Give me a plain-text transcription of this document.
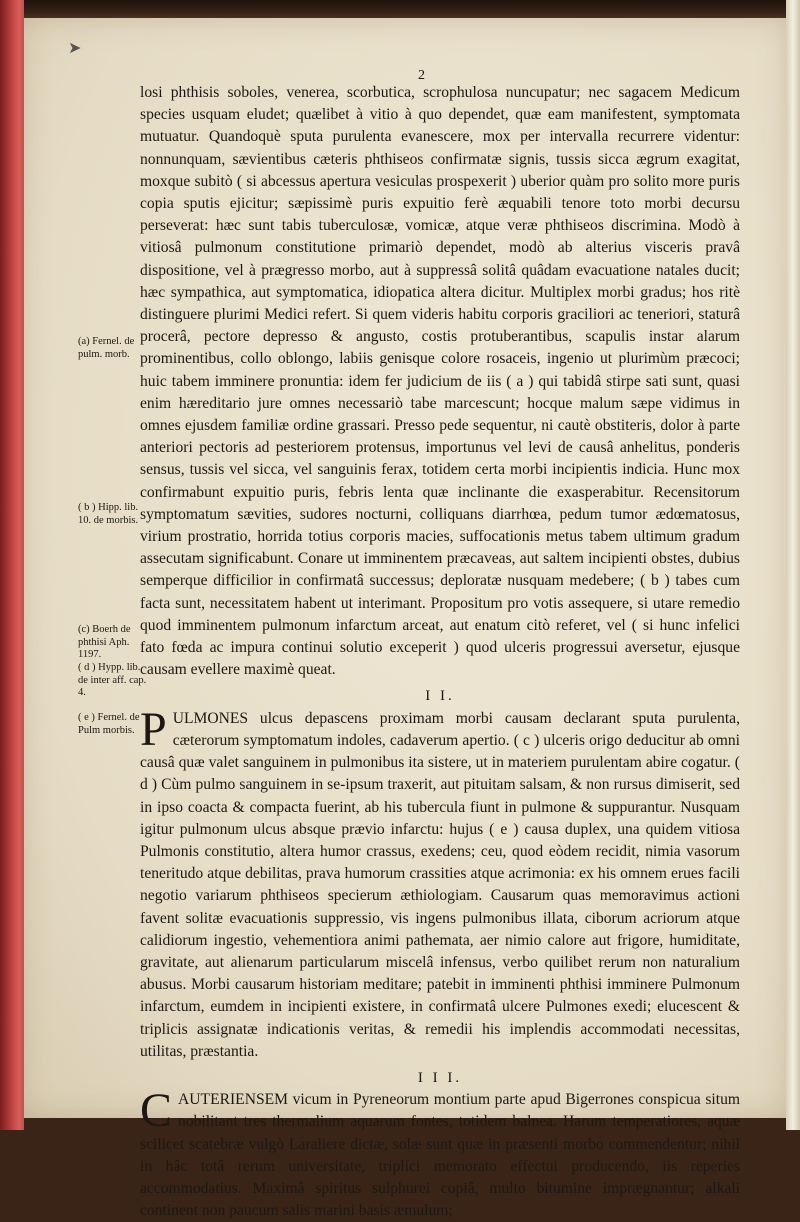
➤
2
(a) Fernel. de pulm. morb.
( b ) Hipp. lib. 10. de morbis.
(c) Boerh de phthisi Aph. 1197.
( d ) Hypp. lib. de inter aff. cap. 4.
( e ) Fernel. de Pulm morbis.

losi phthisis soboles, venerea, scorbutica, scrophulosa nuncupatur; nec sagacem Medicum species usquam eludet; quælibet à vitio à quo dependet, quæ eam manifestent, symptomata mutuatur. Quandoquè sputa purulenta evanescere, mox per intervalla recurrere videntur: nonnunquam, sævientibus cæteris phthiseos confirmatæ signis, tussis sicca ægrum exagitat, moxque subitò ( si abcessus apertura vesiculas prospexerit ) uberior quàm pro solito more puris copia sputis ejicitur; sæpissimè puris expuitio ferè æquabili tenore toto morbi decursu perseverat: hæc sunt tabis tuberculosæ, vomicæ, atque veræ phthiseos discrimina. Modò à vitiosâ pulmonum constitutione primariò dependet, modò ab alterius visceris pravâ dispositione, vel à prægresso morbo, aut à suppressâ solitâ quâdam evacuatione natales ducit; hæc sympathica, aut symptomatica, idiopatica altera dicitur. Multiplex morbi gradus; hos ritè distinguere plurimi Medici refert. Si quem videris habitu corporis graciliori ac teneriori, staturâ procerâ, pectore depresso & angusto, costis protuberantibus, scapulis instar alarum prominentibus, collo oblongo, labiis genisque colore rosaceis, ingenio ut plurimùm præcoci; huic tabem imminere pronuntia: idem fer judicium de iis ( a ) qui tabidâ stirpe sati sunt, quasi enim hæreditario jure omnes necessariò tabe marcescunt; hocque malum sæpe vidimus in omnes ejusdem familiæ ordine grassari. Presso pede sequentur, ni cautè obstiteris, dolor à parte anteriori pectoris ad pesteriorem protensus, importunus vel levi de causâ anhelitus, ponderis sensus, tussis vel sicca, vel sanguinis ferax, totidem certa morbi incipientis indicia. Hunc mox confirmabunt expuitio puris, febris lenta quæ inclinante die exasperabitur. Recensitorum symptomatum sævities, sudores nocturni, colliquans diarrhœa, pedum tumor ædœmatosus, virium prostratio, horrida totius corporis macies, suffocationis metus tabem ultimum gradum assecutam significabunt. Conare ut imminentem præcaveas, aut saltem incipienti obstes, dubius semperque difficilior in confirmatâ successus; deploratæ nusquam medebere; ( b ) tabes cum facta sunt, necessitatem habent ut interimant. Propositum pro votis assequere, si utare remedio quod imminentem pulmonum infarctum arceat, aut enatum citò referet, vel ( si hunc infelici fato fœda ac impura continui solutio exceperit ) quod ulceris progressui aversetur, ejusque causam evellere maximè queat.

I I.

PULMONES ulcus depascens proximam morbi causam declarant sputa purulenta, cæterorum symptomatum indoles, cadaverum apertio. ( c ) ulceris origo deducitur ab omni causâ quæ valet sanguinem in pulmonibus ita sistere, ut in materiem purulentam abire cogatur. ( d ) Cùm pulmo sanguinem in se-ipsum traxerit, aut pituitam salsam, & non rursus dimiserit, sed in ipso coacta & compacta fuerint, ab his tubercula fiunt in pulmone & suppurantur. Nusquam igitur pulmonum ulcus absque prævio infarctu: hujus ( e ) causa duplex, una quidem vitiosa Pulmonis constitutio, altera humor crassus, exedens; ceu, quod eòdem recidit, nimia vasorum teneritudo atque debilitas, prava humorum crassities atque acrimonia: ex his omnem erues facili negotio variarum phthiseos specierum æthiologiam. Causarum quas memoravimus actioni favent solitæ evacuationis suppressio, vis ingens pulmonibus illata, ciborum acriorum atque calidiorum ingestio, vehementiora animi pathemata, aer nimio calore aut frigore, humiditate, gravitate, aut alienarum particularum miscelâ infensus, verbo quilibet rerum non naturalium abusus. Morbi causarum historiam meditare; patebit in imminenti phthisi imminere Pulmonum infarctum, eumdem in incipienti existere, in confirmatâ ulcere Pulmones exedi; elucescent & triplicis assignatæ indicationis veritas, & remedii his implendis accommodati necessitas, utilitas, præstantia.

I I I.

CAUTERIENSEM vicum in Pyreneorum montium parte apud Bigerrones conspicua situm nobilitant tres thermalium aquarum fontes, totidem balnea. Harum temperatiores, aquæ scilicet scatebræ vulgò Laraliere dictæ, solæ sunt quæ in præsenti morbo commendentur; nihil in hâc totâ rerum universitate, triplici memorato effectui producendo, iis reperies accommodatius. Maximâ spiritus sulphurei copiâ, multo bitumine imprægnantur; alkali continent non paucum salis marini basis æmulum;
